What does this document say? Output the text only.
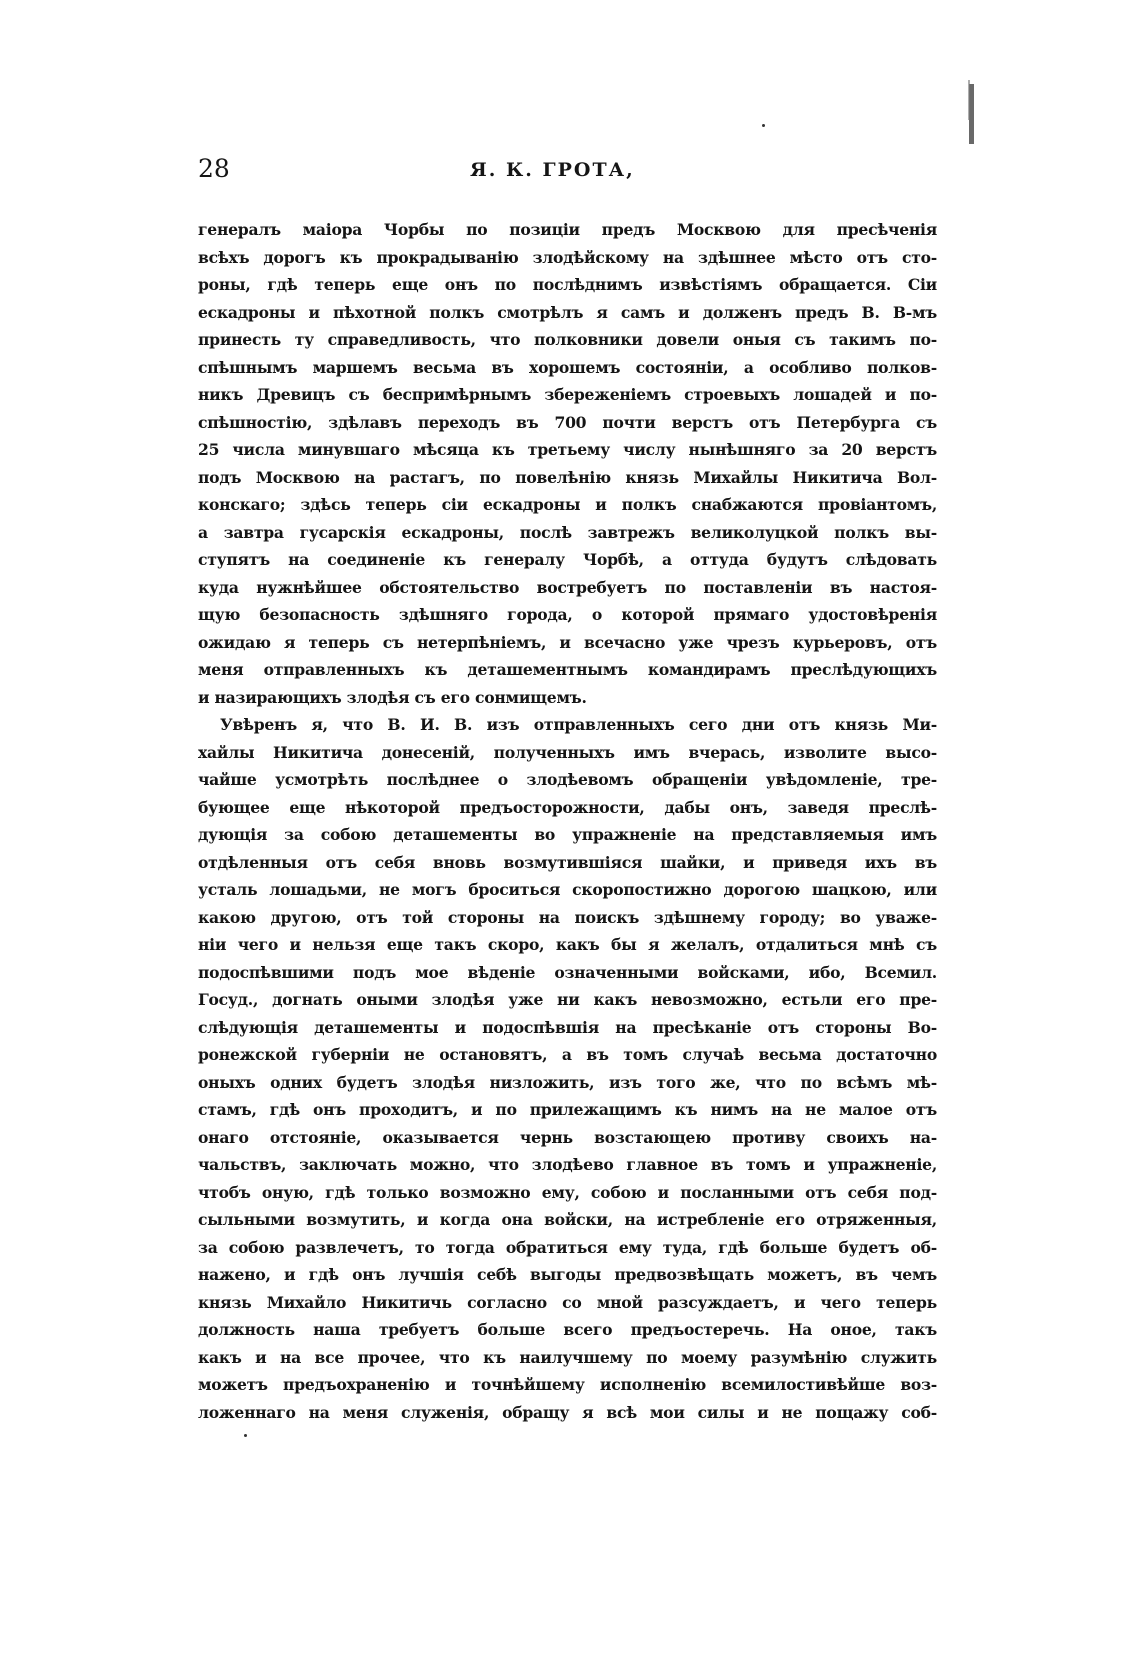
28	Я. К. ГРОТА,
генералъ маіора Чорбы по позиціи предъ Москвою для пресѣченія
всѣхъ дорогъ къ прокрадыванію злодѣйскому на здѣшнее мѣсто отъ сто-
роны, гдѣ теперь еще онъ по послѣднимъ извѣстіямъ обращается. Сіи
ескадроны и пѣхотной полкъ смотрѣлъ я самъ и долженъ предъ В. В-мъ
принесть ту справедливость, что полковники довели оныя съ такимъ по-
спѣшнымъ маршемъ весьма въ хорошемъ состояніи, а особливо полков-
никъ Древицъ съ беспримѣрнымъ збереженіемъ строевыхъ лошадей и по-
спѣшностію, здѣлавъ переходъ въ 700 почти верстъ отъ Петербурга съ
25 числа минувшаго мѣсяца къ третьему числу нынѣшняго за 20 верстъ
подъ Москвою на растагъ, по повелѣнію князь Михайлы Никитича Вол-
конскаго; здѣсь теперь сіи ескадроны и полкъ снабжаются провіантомъ,
а завтра гусарскія ескадроны, послѣ завтрежъ великолуцкой полкъ вы-
ступятъ на соединеніе къ генералу Чорбѣ, а оттуда будутъ слѣдовать
куда нужнѣйшее обстоятельство востребуетъ по поставленіи въ настоя-
щую безопасность здѣшняго города, о которой прямаго удостовѣренія
ожидаю я теперь съ нетерпѣніемъ, и всечасно уже чрезъ курьеровъ, отъ
меня отправленныхъ къ деташементнымъ командирамъ преслѣдующихъ
и назирающихъ злодѣя съ его сонмищемъ.
Увѣренъ я, что В. И. В. изъ отправленныхъ сего дни отъ князь Ми-
хайлы Никитича донесеній, полученныхъ имъ вчерась, изволите высо-
чайше усмотрѣть послѣднее о злодѣевомъ обращеніи увѣдомленіе, тре-
бующее еще нѣкоторой предъосторожности, дабы онъ, заведя преслѣ-
дующія за собою деташементы во упражненіе на представляемыя имъ
отдѣленныя отъ себя вновь возмутившіяся шайки, и приведя ихъ въ
усталь лошадьми, не могъ броситься скоропостижно дорогою шацкою, или
какою другою, отъ той стороны на поискъ здѣшнему городу; во уваже-
ніи чего и нельзя еще такъ скоро, какъ бы я желалъ, отдалиться мнѣ съ
подоспѣвшими подъ мое вѣденіе означенными войсками, ибо, Всемил.
Госуд., догнать оными злодѣя уже ни какъ невозможно, естьли его пре-
слѣдующія деташементы и подоспѣвшія на пресѣканіе отъ стороны Во-
ронежской губерніи не остановятъ, а въ томъ случаѣ весьма достаточно
оныхъ одних будетъ злодѣя низложить, изъ того же, что по всѣмъ мѣ-
стамъ, гдѣ онъ проходитъ, и по прилежащимъ къ нимъ на не малое отъ
онаго отстояніе, оказывается чернь возстающею противу своихъ на-
чальствъ, заключать можно, что злодѣево главное въ томъ и упражненіе,
чтобъ оную, гдѣ только возможно ему, собою и посланными отъ себя под-
сыльными возмутить, и когда она войски, на истребленіе его отряженныя,
за собою развлечетъ, то тогда обратиться ему туда, гдѣ больше будетъ об-
нажено, и гдѣ онъ лучшія себѣ выгоды предвозвѣщать можетъ, въ чемъ
князь Михайло Никитичь согласно со мной разсуждаетъ, и чего теперь
должность наша требуетъ больше всего предъостеречь. На оное, такъ
какъ и на все прочее, что къ наилучшему по моему разумѣнію служить
можетъ предъохраненію и точнѣйшему исполненію всемилостивѣйше воз-
ложеннаго на меня служенія, обращу я всѣ мои силы и не пощажу соб-
